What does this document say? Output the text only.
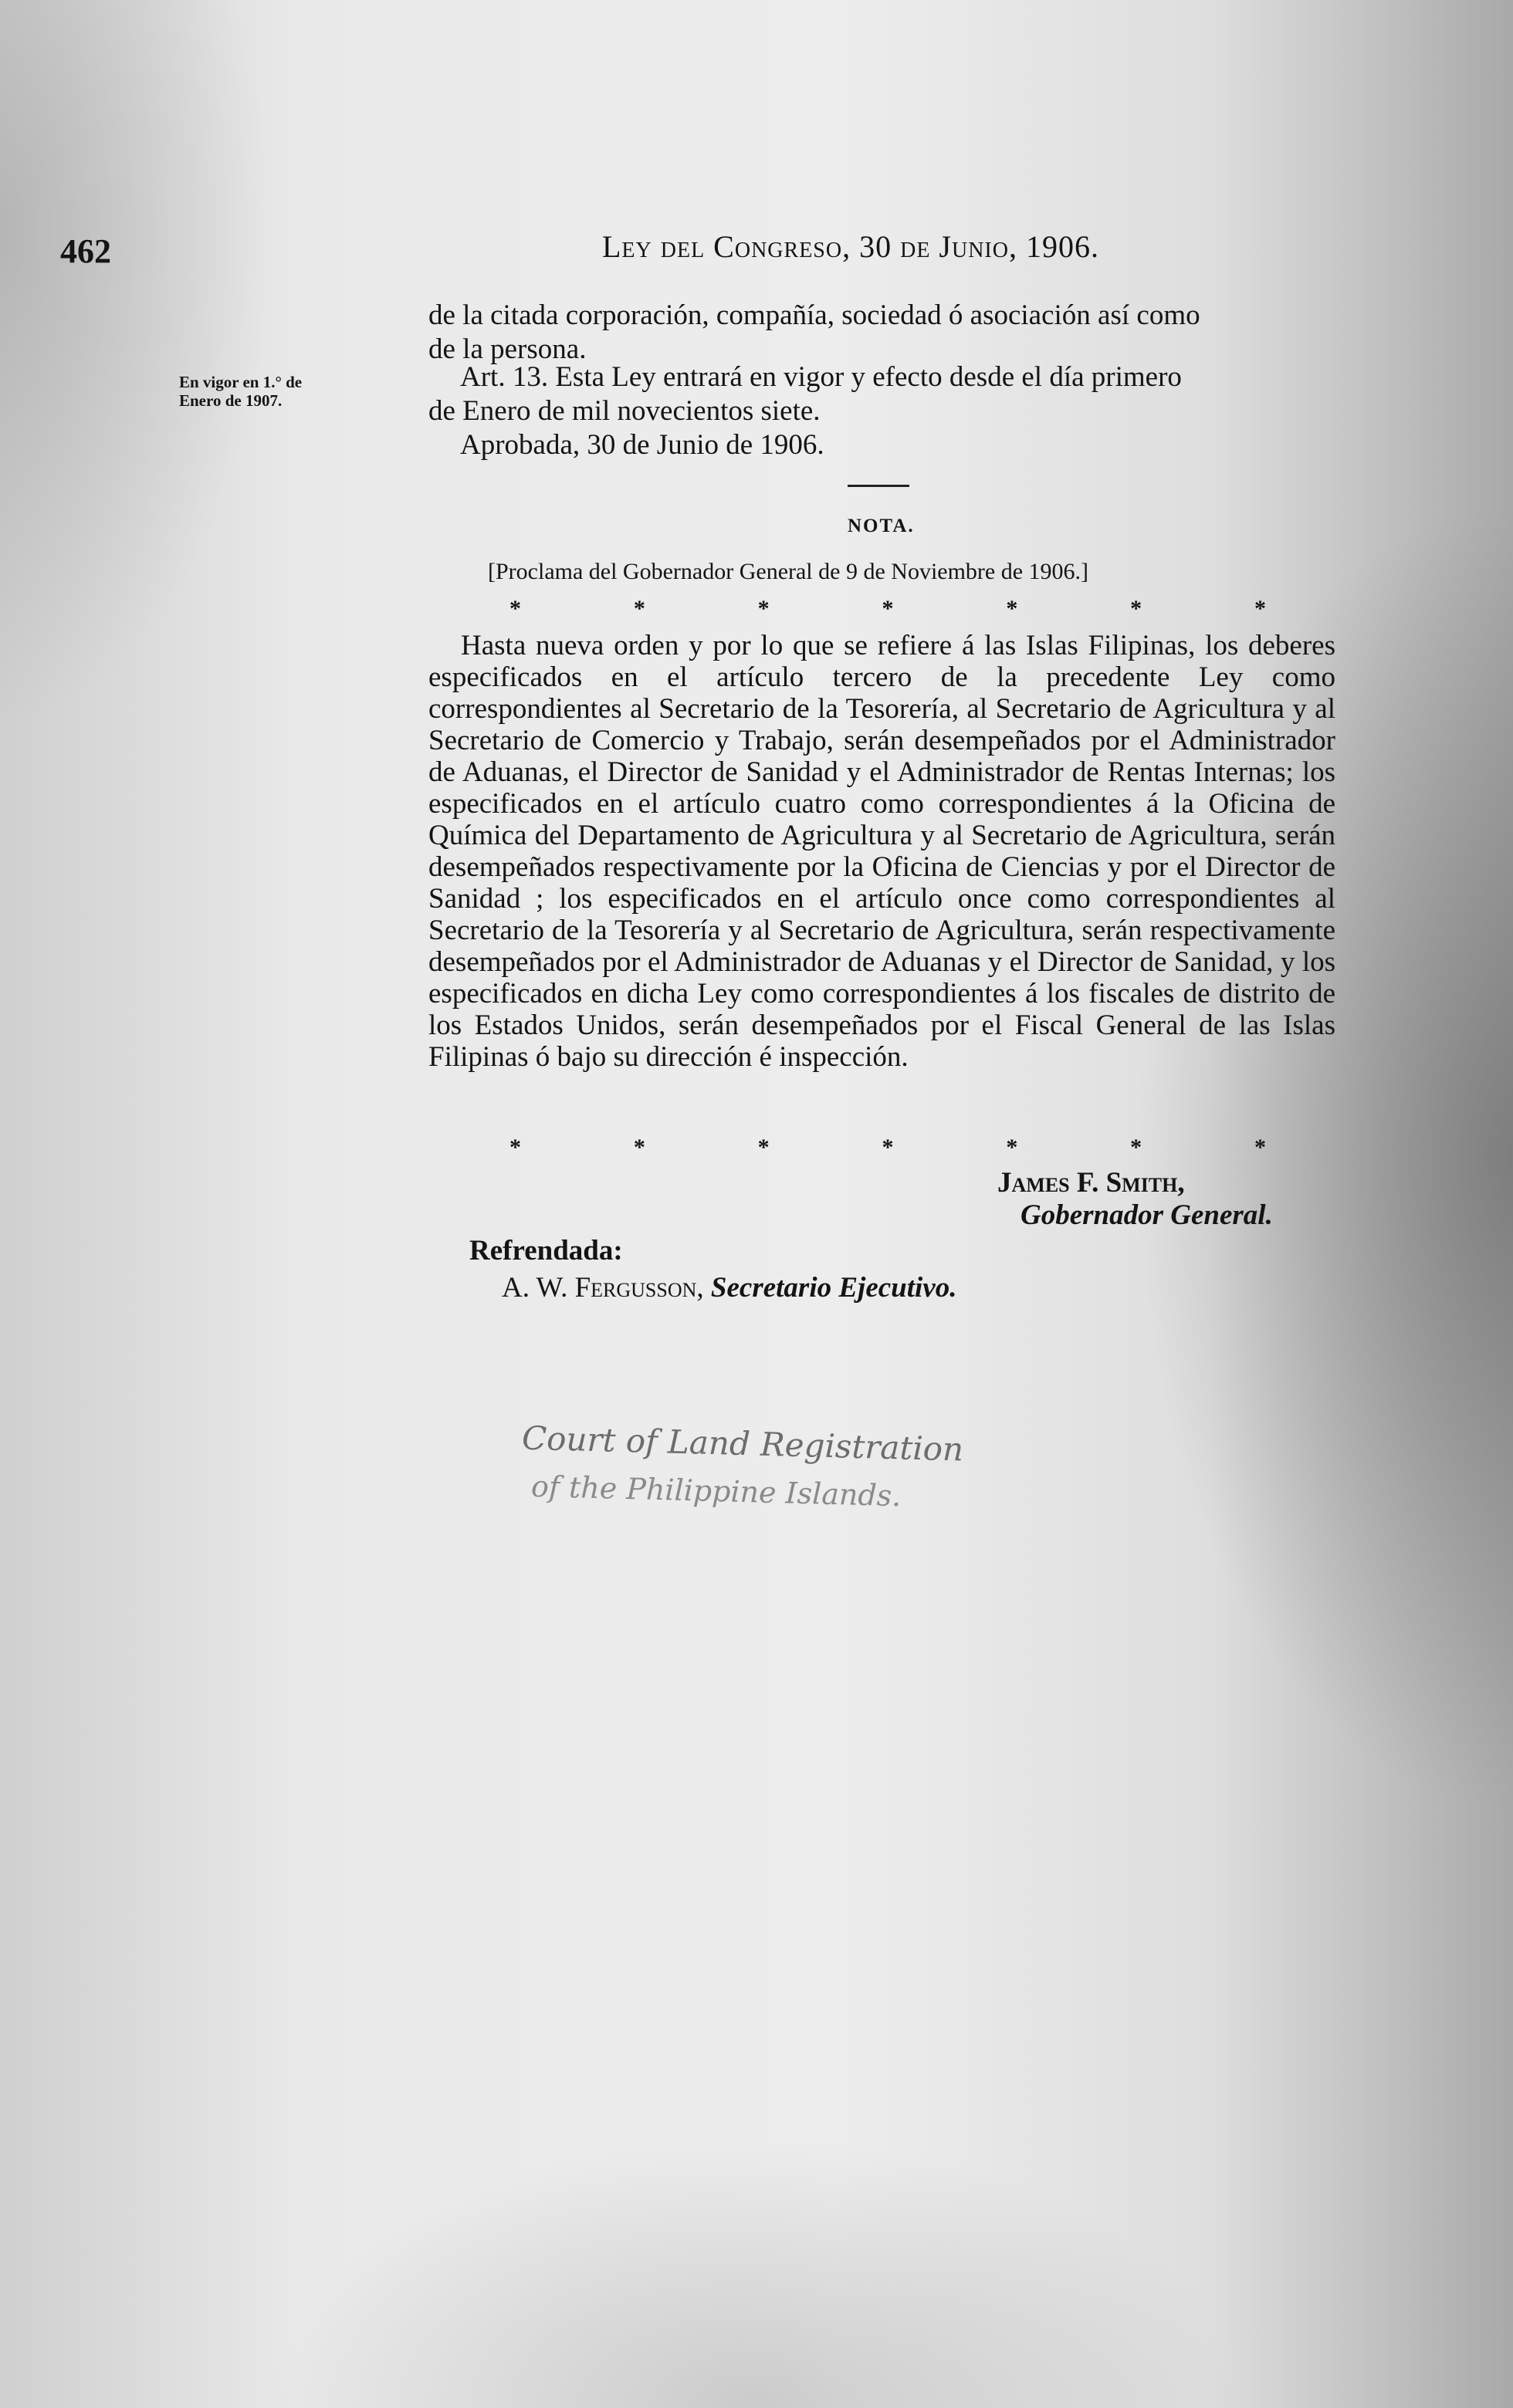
462	Ley del Congreso, 30 de Junio, 1906.
de la citada corporación, compañía, sociedad ó asociación así como
de la persona.
Art. 13. Esta Ley entrará en vigor y efecto desde el día primero
de Enero de mil novecientos siete.
Aprobada, 30 de Junio de 1906.
En vigor en 1.° de
Enero de 1907.
NOTA.
[Proclama del Gobernador General de 9 de Noviembre de 1906.]
*	*	*	*	*	*	*

Hasta nueva orden y por lo que se refiere á las Islas Filipinas, los deberes especificados en el artículo tercero de la precedente Ley como correspondientes al Secretario de la Tesorería, al Secretario de Agricultura y al Secretario de Comercio y Trabajo, serán desempeñados por el Administrador de Aduanas, el Director de Sanidad y el Administrador de Rentas Internas; los especificados en el artículo cuatro como correspondientes á la Oficina de Química del Departamento de Agricultura y al Secretario de Agricultura, serán desempeñados respectivamente por la Oficina de Ciencias y por el Director de Sanidad ; los especificados en el artículo once como correspondientes al Secretario de la Tesorería y al Secretario de Agricultura, serán respectivamente desempeñados por el Administrador de Aduanas y el Director de Sanidad, y los especificados en dicha Ley como correspondientes á los fiscales de distrito de los Estados Unidos, serán desempeñados por el Fiscal General de las Islas Filipinas ó bajo su dirección é inspección.

*	*	*	*	*	*	*
James F. Smith,
Gobernador General.
Refrendada:
A. W. Fergusson, Secretario Ejecutivo.
Court of Land Registration
of the Philippine Islands.
